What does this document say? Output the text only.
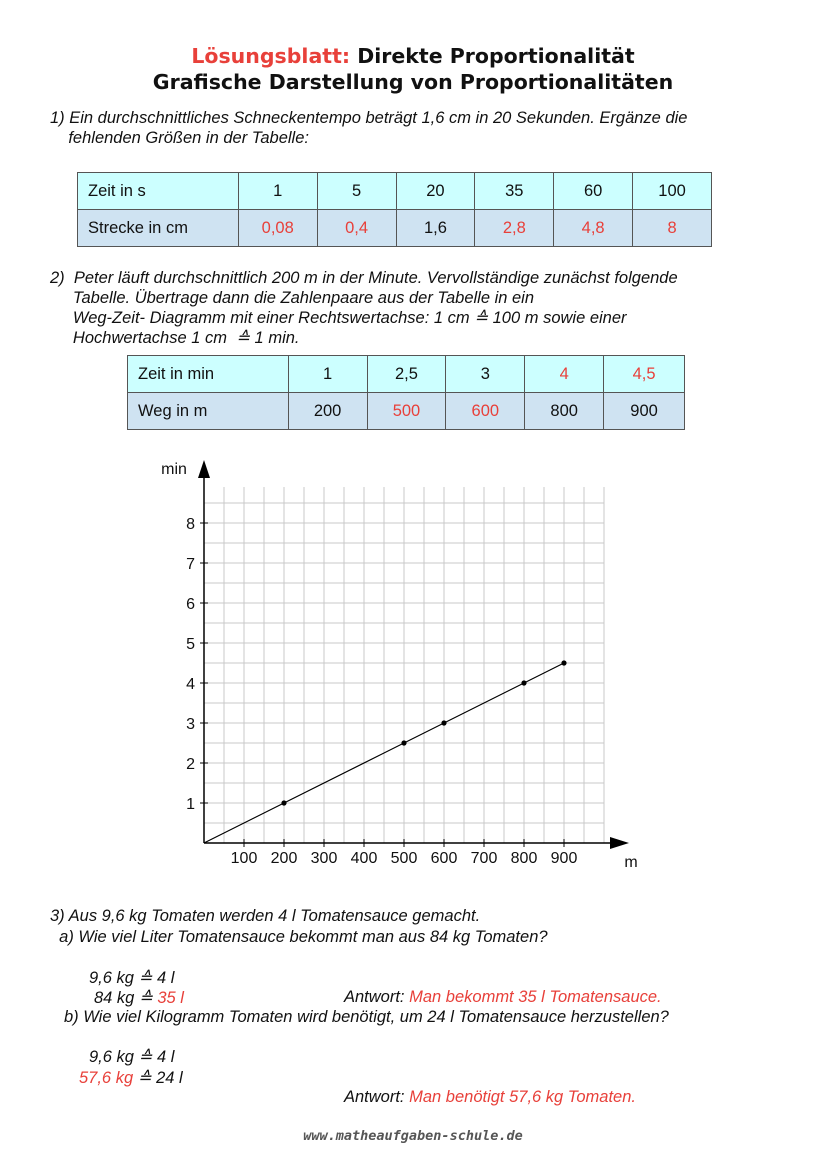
Lösungsblatt: Direkte Proportionalität
Grafische Darstellung von Proportionalitäten
1) Ein durchschnittliches Schneckentempo beträgt 1,6 cm in 20 Sekunden. Ergänze die
fehlenden Größen in der Tabelle:
Zeit in s	1	5	20	35	60	100
Strecke in cm	0,08	0,4	1,6	2,8	4,8	8
2)  Peter läuft durchschnittlich 200 m in der Minute. Vervollständige zunächst folgende
Tabelle. Übertrage dann die Zahlenpaare aus der Tabelle in ein
Weg-Zeit- Diagramm mit einer Rechtswertachse: 1 cm ≙ 100 m sowie einer
Hochwertachse 1 cm  ≙ 1 min.
Zeit in min	1	2,5	3	4	4,5
Weg in m	200	500	600	800	900
100 200 300 400 500 600 700 800 900
1
2
3
4
5
6
7
8
min
m
3) Aus 9,6 kg Tomaten werden 4 l Tomatensauce gemacht.
a) Wie viel Liter Tomatensauce bekommt man aus 84 kg Tomaten?
9,6 kg ≙ 4 l
84 kg ≙ 35 l	Antwort: Man bekommt 35 l Tomatensauce.
b) Wie viel Kilogramm Tomaten wird benötigt, um 24 l Tomatensauce herzustellen?
9,6 kg ≙ 4 l
57,6 kg ≙ 24 l
Antwort: Man benötigt 57,6 kg Tomaten.
www.mathеaufgaben-schule.de
